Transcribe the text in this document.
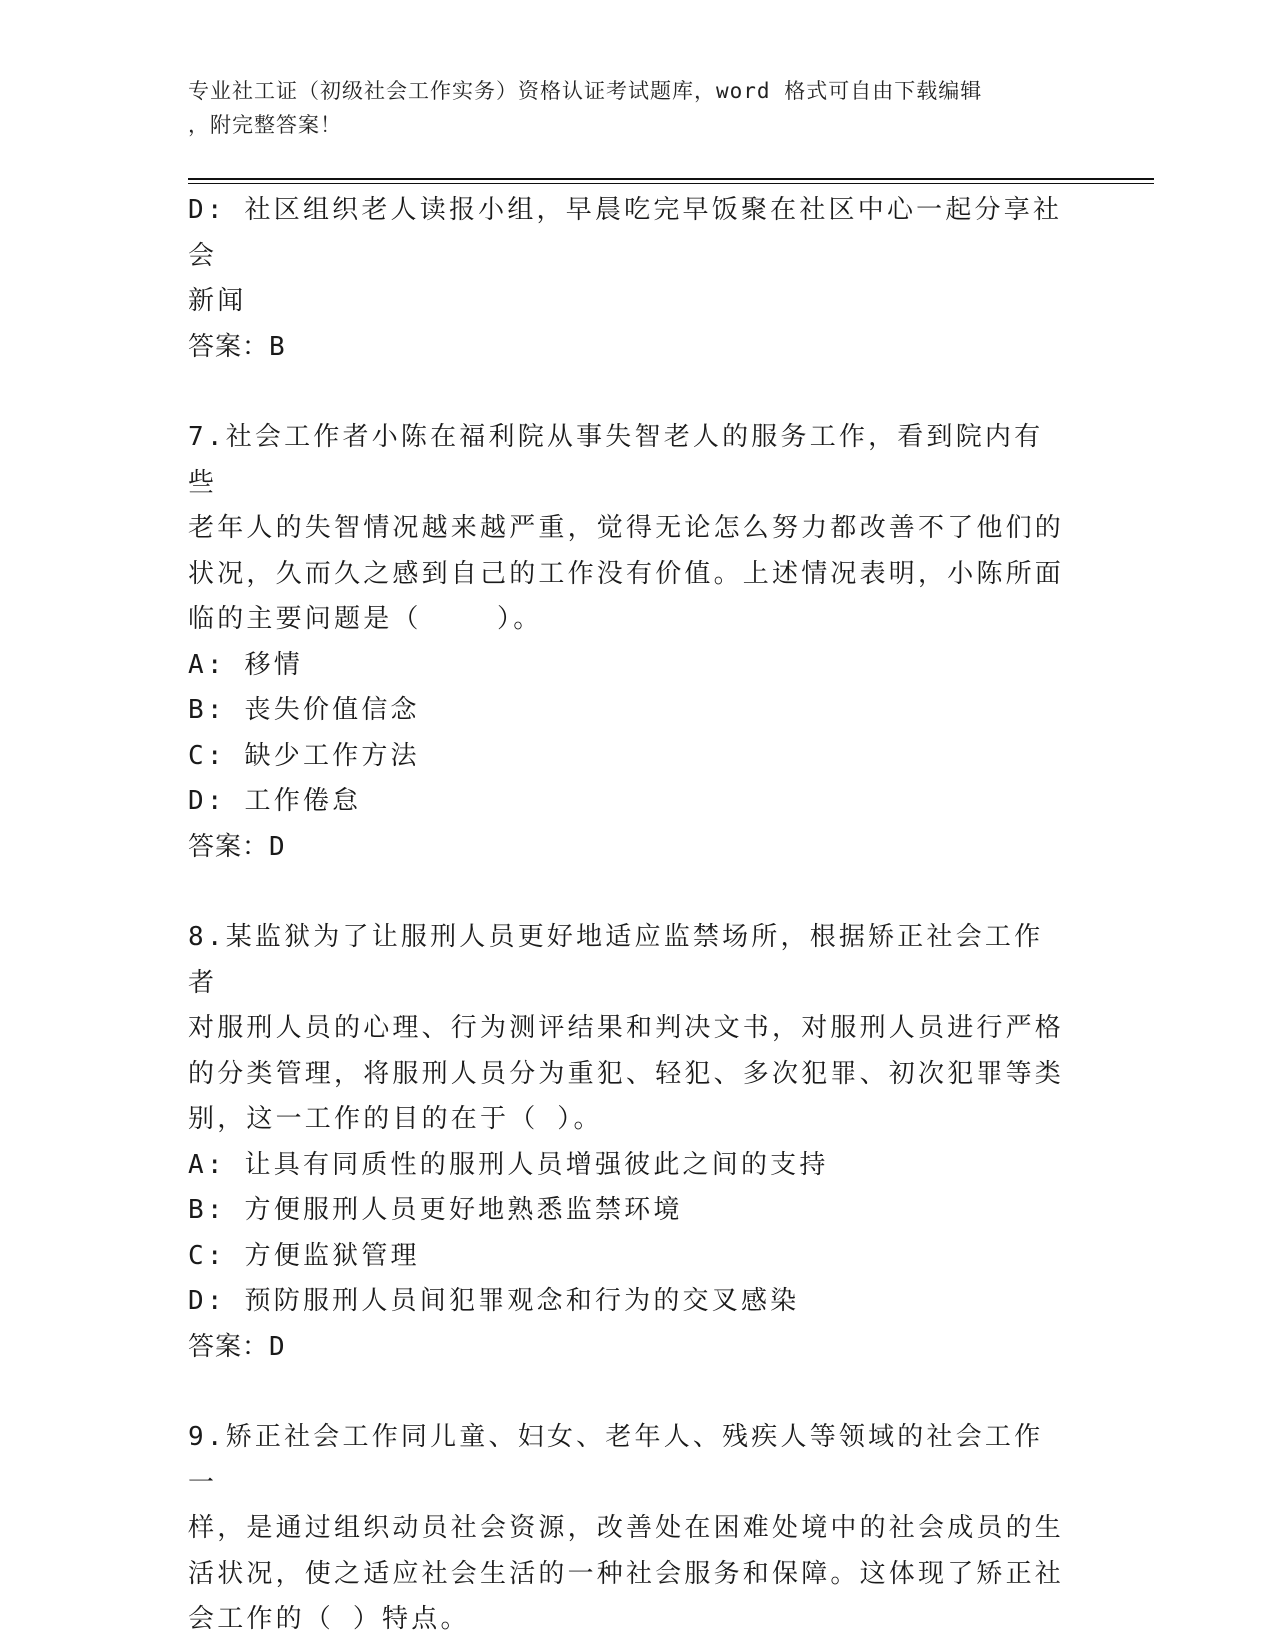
专业社工证（初级社会工作实务）资格认证考试题库，word 格式可自由下载编辑
，附完整答案！
D: 社区组织老人读报小组，早晨吃完早饭聚在社区中心一起分享社会
新闻
答案：B
7.社会工作者小陈在福利院从事失智老人的服务工作，看到院内有些
老年人的失智情况越来越严重，觉得无论怎么努力都改善不了他们的
状况，久而久之感到自己的工作没有价值。上述情况表明，小陈所面
临的主要问题是（    ）。
A: 移情
B: 丧失价值信念
C: 缺少工作方法
D: 工作倦怠
答案：D
8.某监狱为了让服刑人员更好地适应监禁场所，根据矫正社会工作者
对服刑人员的心理、行为测评结果和判决文书，对服刑人员进行严格
的分类管理，将服刑人员分为重犯、轻犯、多次犯罪、初次犯罪等类
别，这一工作的目的在于（ ）。
A: 让具有同质性的服刑人员增强彼此之间的支持
B: 方便服刑人员更好地熟悉监禁环境
C: 方便监狱管理
D: 预防服刑人员间犯罪观念和行为的交叉感染
答案：D
9.矫正社会工作同儿童、妇女、老年人、残疾人等领域的社会工作一
样，是通过组织动员社会资源，改善处在困难处境中的社会成员的生
活状况，使之适应社会生活的一种社会服务和保障。这体现了矫正社
会工作的（ ）特点。
